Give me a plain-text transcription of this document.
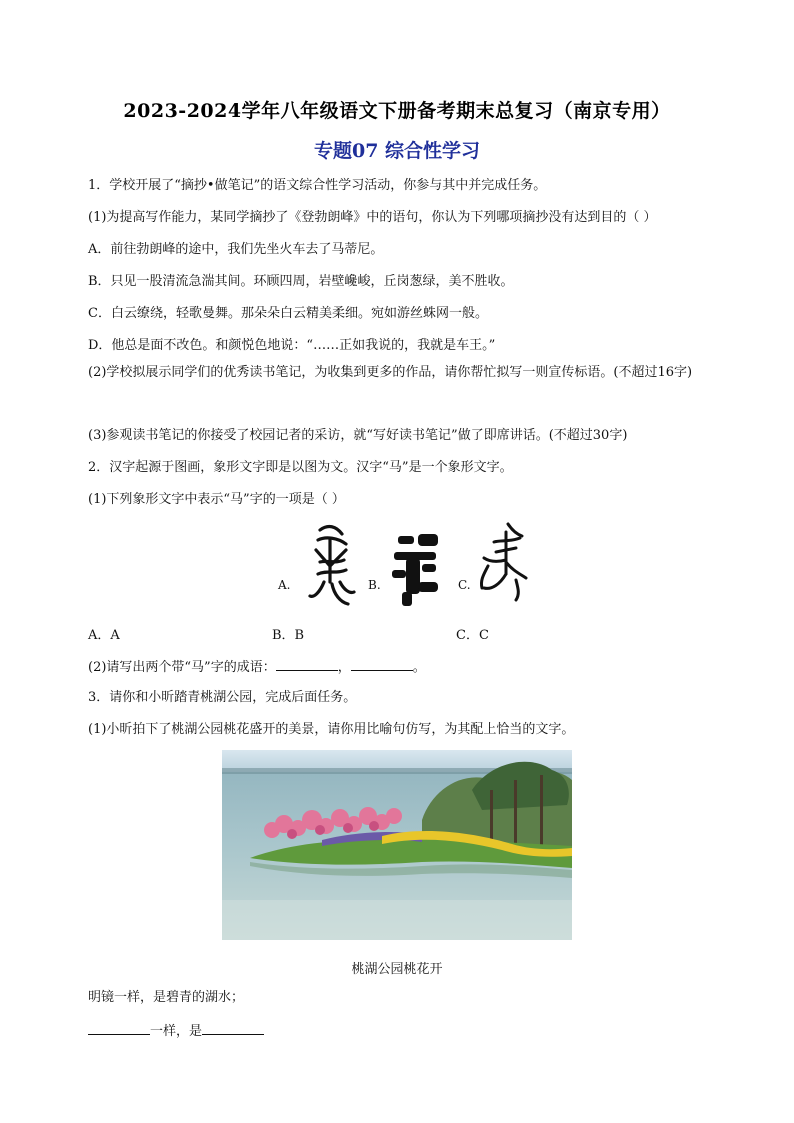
2023-2024学年八年级语文下册备考期末总复习（南京专用）
专题07 综合性学习
1．学校开展了“摘抄•做笔记”的语文综合性学习活动，你参与其中并完成任务。
(1)为提高写作能力，某同学摘抄了《登勃朗峰》中的语句，你认为下列哪项摘抄没有达到目的（ ）
A．前往勃朗峰的途中，我们先坐火车去了马蒂尼。
B．只见一股清流急湍其间。环顾四周，岩壁巉峻，丘岗葱绿，美不胜收。
C．白云缭绕，轻歌曼舞。那朵朵白云精美柔细。宛如游丝蛛网一般。
D．他总是面不改色。和颜悦色地说：“……正如我说的，我就是车王。”
(2)学校拟展示同学们的优秀读书笔记，为收集到更多的作品，请你帮忙拟写一则宣传标语。(不超过16字)
(3)参观读书笔记的你接受了校园记者的采访，就“写好读书笔记”做了即席讲话。(不超过30字)
2．汉字起源于图画，象形文字即是以图为文。汉字“马”是一个象形文字。
(1)下列象形文字中表示“马”字的一项是（ ）
A.	B.	C.
A．A	B．B	C．C
(2)请写出两个带“马”字的成语：	，	。
3．请你和小昕踏青桃湖公园，完成后面任务。
(1)小昕拍下了桃湖公园桃花盛开的美景，请你用比喻句仿写，为其配上恰当的文字。
桃湖公园桃花开
明镜一样，是碧青的湖水；
一样，是
